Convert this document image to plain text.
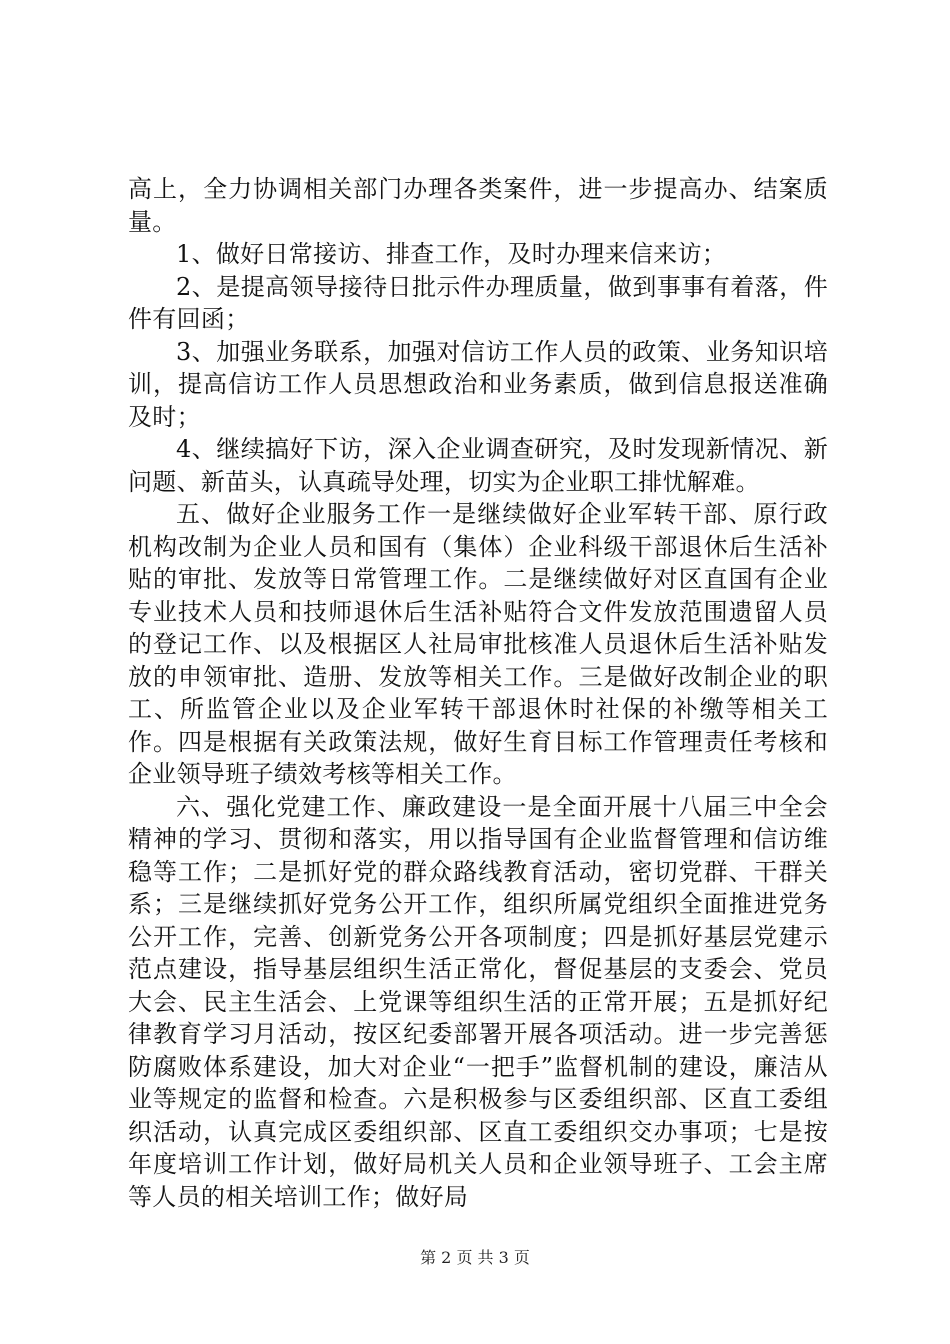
高上，全力协调相关部门办理各类案件，进一步提高办、结案质量。

1、做好日常接访、排查工作，及时办理来信来访；

2、是提高领导接待日批示件办理质量，做到事事有着落，件件有回函；

3、加强业务联系，加强对信访工作人员的政策、业务知识培训，提高信访工作人员思想政治和业务素质，做到信息报送准确及时；

4、继续搞好下访，深入企业调查研究，及时发现新情况、新问题、新苗头，认真疏导处理，切实为企业职工排忧解难。

五、做好企业服务工作一是继续做好企业军转干部、原行政机构改制为企业人员和国有（集体）企业科级干部退休后生活补贴的审批、发放等日常管理工作。二是继续做好对区直国有企业专业技术人员和技师退休后生活补贴符合文件发放范围遗留人员的登记工作、以及根据区人社局审批核准人员退休后生活补贴发放的申领审批、造册、发放等相关工作。三是做好改制企业的职工、所监管企业以及企业军转干部退休时社保的补缴等相关工作。四是根据有关政策法规，做好生育目标工作管理责任考核和企业领导班子绩效考核等相关工作。

六、强化党建工作、廉政建设一是全面开展十八届三中全会精神的学习、贯彻和落实，用以指导国有企业监督管理和信访维稳等工作；二是抓好党的群众路线教育活动，密切党群、干群关系；三是继续抓好党务公开工作，组织所属党组织全面推进党务公开工作，完善、创新党务公开各项制度；四是抓好基层党建示范点建设，指导基层组织生活正常化，督促基层的支委会、党员大会、民主生活会、上党课等组织生活的正常开展；五是抓好纪律教育学习月活动，按区纪委部署开展各项活动。进一步完善惩防腐败体系建设，加大对企业“一把手”监督机制的建设，廉洁从业等规定的监督和检查。六是积极参与区委组织部、区直工委组织活动，认真完成区委组织部、区直工委组织交办事项；七是按年度培训工作计划，做好局机关人员和企业领导班子、工会主席等人员的相关培训工作；做好局

第 2 页 共 3 页
